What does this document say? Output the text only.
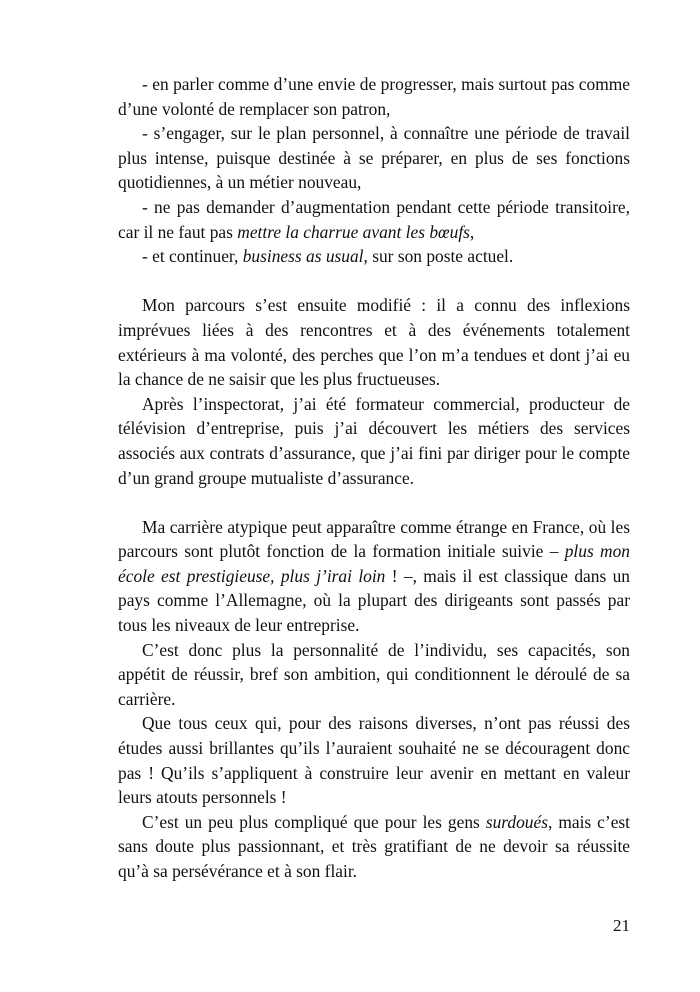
- en parler comme d’une envie de progresser, mais surtout pas comme d’une volonté de remplacer son patron,

- s’engager, sur le plan personnel, à connaître une période de travail plus intense, puisque destinée à se préparer, en plus de ses fonctions quotidiennes, à un métier nouveau,

- ne pas demander d’augmentation pendant cette période transitoire, car il ne faut pas mettre la charrue avant les bœufs,

- et continuer, business as usual, sur son poste actuel.

Mon parcours s’est ensuite modifié : il a connu des inflexions imprévues liées à des rencontres et à des événements totalement extérieurs à ma volonté, des perches que l’on m’a tendues et dont j’ai eu la chance de ne saisir que les plus fructueuses.

Après l’inspectorat, j’ai été formateur commercial, producteur de télévision d’entreprise, puis j’ai découvert les métiers des services associés aux contrats d’assurance, que j’ai fini par diriger pour le compte d’un grand groupe mutualiste d’assurance.

Ma carrière atypique peut apparaître comme étrange en France, où les parcours sont plutôt fonction de la formation initiale suivie – plus mon école est prestigieuse, plus j’irai loin ! –, mais il est classique dans un pays comme l’Allemagne, où la plupart des dirigeants sont passés par tous les niveaux de leur entreprise.

C’est donc plus la personnalité de l’individu, ses capacités, son appétit de réussir, bref son ambition, qui conditionnent le déroulé de sa carrière.

Que tous ceux qui, pour des raisons diverses, n’ont pas réussi des études aussi brillantes qu’ils l’auraient souhaité ne se découragent donc pas ! Qu’ils s’appliquent à construire leur avenir en mettant en valeur leurs atouts personnels !

C’est un peu plus compliqué que pour les gens surdoués, mais c’est sans doute plus passionnant, et très gratifiant de ne devoir sa réussite qu’à sa persévérance et à son flair.

21
